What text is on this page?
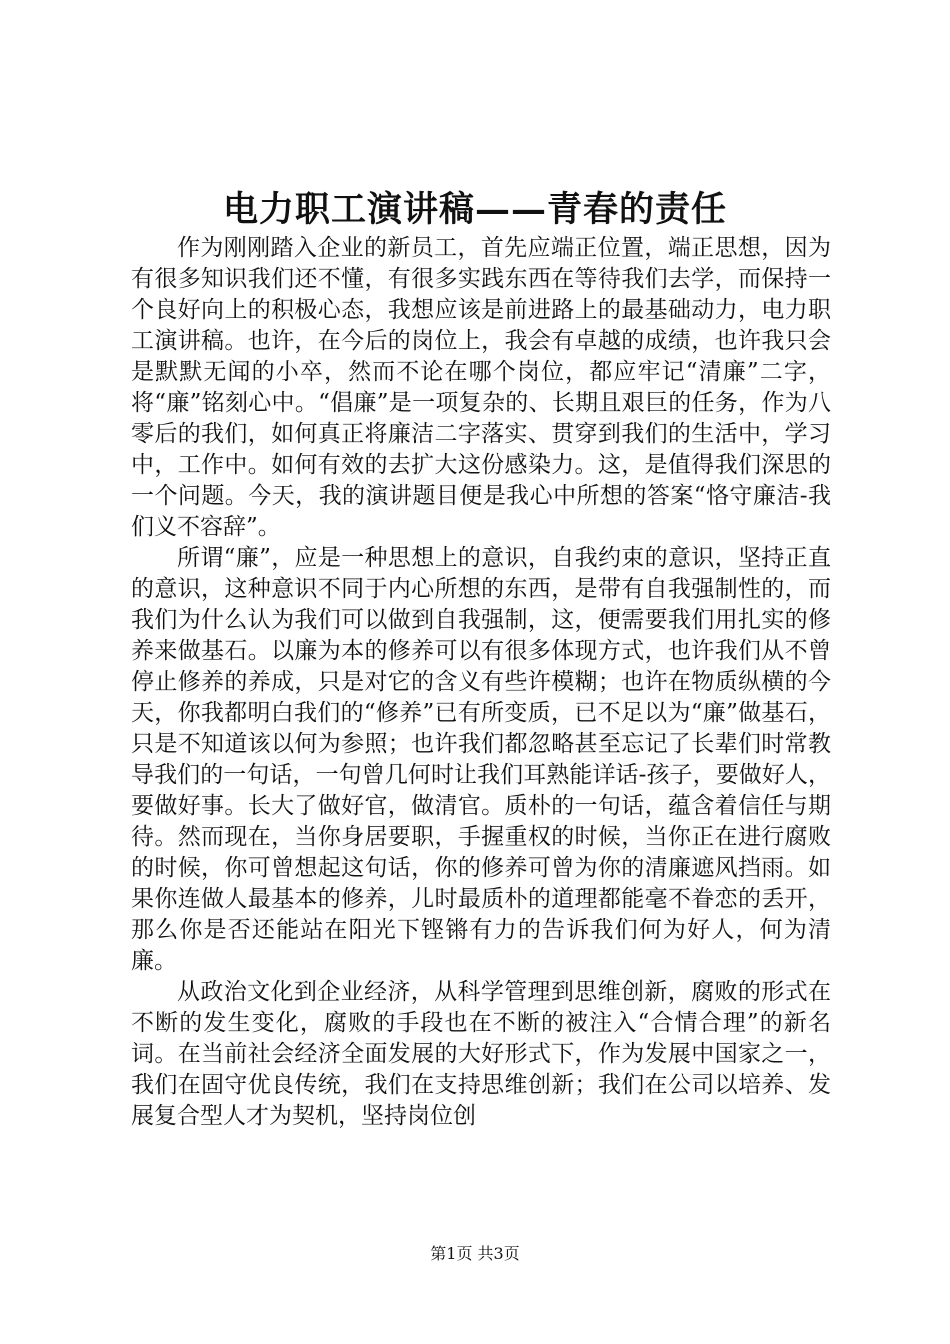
电力职工演讲稿——青春的责任

作为刚刚踏入企业的新员工，首先应端正位置，端正思想，因为有很多知识我们还不懂，有很多实践东西在等待我们去学，而保持一个良好向上的积极心态，我想应该是前进路上的最基础动力，电力职工演讲稿。也许，在今后的岗位上，我会有卓越的成绩，也许我只会是默默无闻的小卒，然而不论在哪个岗位，都应牢记“清廉”二字，将“廉”铭刻心中。“倡廉”是一项复杂的、长期且艰巨的任务，作为八零后的我们，如何真正将廉洁二字落实、贯穿到我们的生活中，学习中，工作中。如何有效的去扩大这份感染力。这，是值得我们深思的一个问题。今天，我的演讲题目便是我心中所想的答案“恪守廉洁-我们义不容辞”。

所谓“廉”，应是一种思想上的意识，自我约束的意识，坚持正直的意识，这种意识不同于内心所想的东西，是带有自我强制性的，而我们为什么认为我们可以做到自我强制，这，便需要我们用扎实的修养来做基石。以廉为本的修养可以有很多体现方式，也许我们从不曾停止修养的养成，只是对它的含义有些许模糊；也许在物质纵横的今天，你我都明白我们的“修养”已有所变质，已不足以为“廉”做基石，只是不知道该以何为参照；也许我们都忽略甚至忘记了长辈们时常教导我们的一句话，一句曾几何时让我们耳熟能详话-孩子，要做好人，要做好事。长大了做好官，做清官。质朴的一句话，蕴含着信任与期待。然而现在，当你身居要职，手握重权的时候，当你正在进行腐败的时候，你可曾想起这句话，你的修养可曾为你的清廉遮风挡雨。如果你连做人最基本的修养，儿时最质朴的道理都能毫不眷恋的丢开，那么你是否还能站在阳光下铿锵有力的告诉我们何为好人，何为清廉。

从政治文化到企业经济，从科学管理到思维创新，腐败的形式在不断的发生变化，腐败的手段也在不断的被注入“合情合理”的新名词。在当前社会经济全面发展的大好形式下，作为发展中国家之一，我们在固守优良传统，我们在支持思维创新；我们在公司以培养、发展复合型人才为契机，坚持岗位创

第1页 共3页
